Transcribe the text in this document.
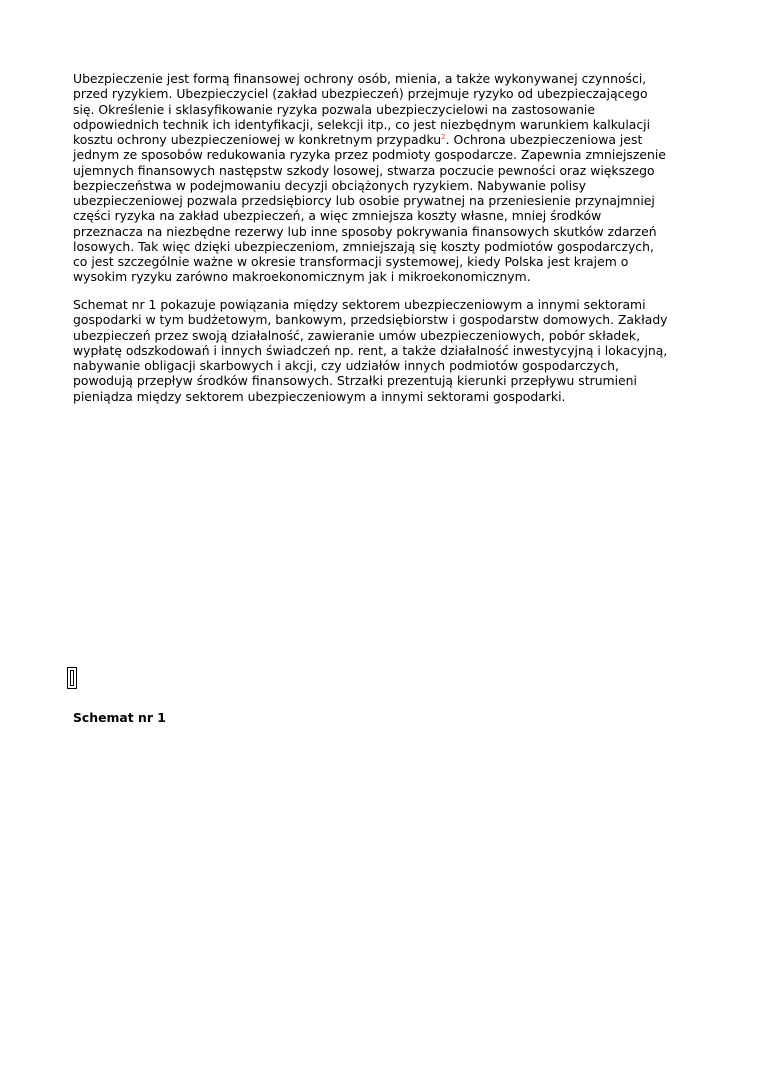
Ubezpieczenie jest formą finansowej ochrony osób, mienia, a także wykonywanej czynności,
przed ryzykiem. Ubezpieczyciel (zakład ubezpieczeń) przejmuje ryzyko od ubezpieczającego
się. Określenie i sklasyfikowanie ryzyka pozwala ubezpieczycielowi na zastosowanie
odpowiednich technik ich identyfikacji, selekcji itp., co jest niezbędnym warunkiem kalkulacji
kosztu ochrony ubezpieczeniowej w konkretnym przypadku$^2$. Ochrona ubezpieczeniowa jest
jednym ze sposobów redukowania ryzyka przez podmioty gospodarcze. Zapewnia zmniejszenie
ujemnych finansowych następstw szkody losowej, stwarza poczucie pewności oraz większego
bezpieczeństwa w podejmowaniu decyzji obciążonych ryzykiem. Nabywanie polisy
ubezpieczeniowej pozwala przedsiębiorcy lub osobie prywatnej na przeniesienie przynajmniej
części ryzyka na zakład ubezpieczeń, a więc zmniejsza koszty własne, mniej środków
przeznacza na niezbędne rezerwy lub inne sposoby pokrywania finansowych skutków zdarzeń
losowych. Tak więc dzięki ubezpieczeniom, zmniejszają się koszty podmiotów gospodarczych,
co jest szczególnie ważne w okresie transformacji systemowej, kiedy Polska jest krajem o
wysokim ryzyku zarówno makroekonomicznym jak i mikroekonomicznym.
Schemat nr 1 pokazuje powiązania między sektorem ubezpieczeniowym a innymi sektorami
gospodarki w tym budżetowym, bankowym, przedsiębiorstw i gospodarstw domowych. Zakłady
ubezpieczeń przez swoją działalność, zawieranie umów ubezpieczeniowych, pobór składek,
wypłatę odszkodowań i innych świadczeń np. rent, a także działalność inwestycyjną i lokacyjną,
nabywanie obligacji skarbowych i akcji, czy udziałów innych podmiotów gospodarczych,
powodują przepływ środków finansowych. Strzałki prezentują kierunki przepływu strumieni
pieniądza między sektorem ubezpieczeniowym a innymi sektorami gospodarki.
Schemat nr 1
